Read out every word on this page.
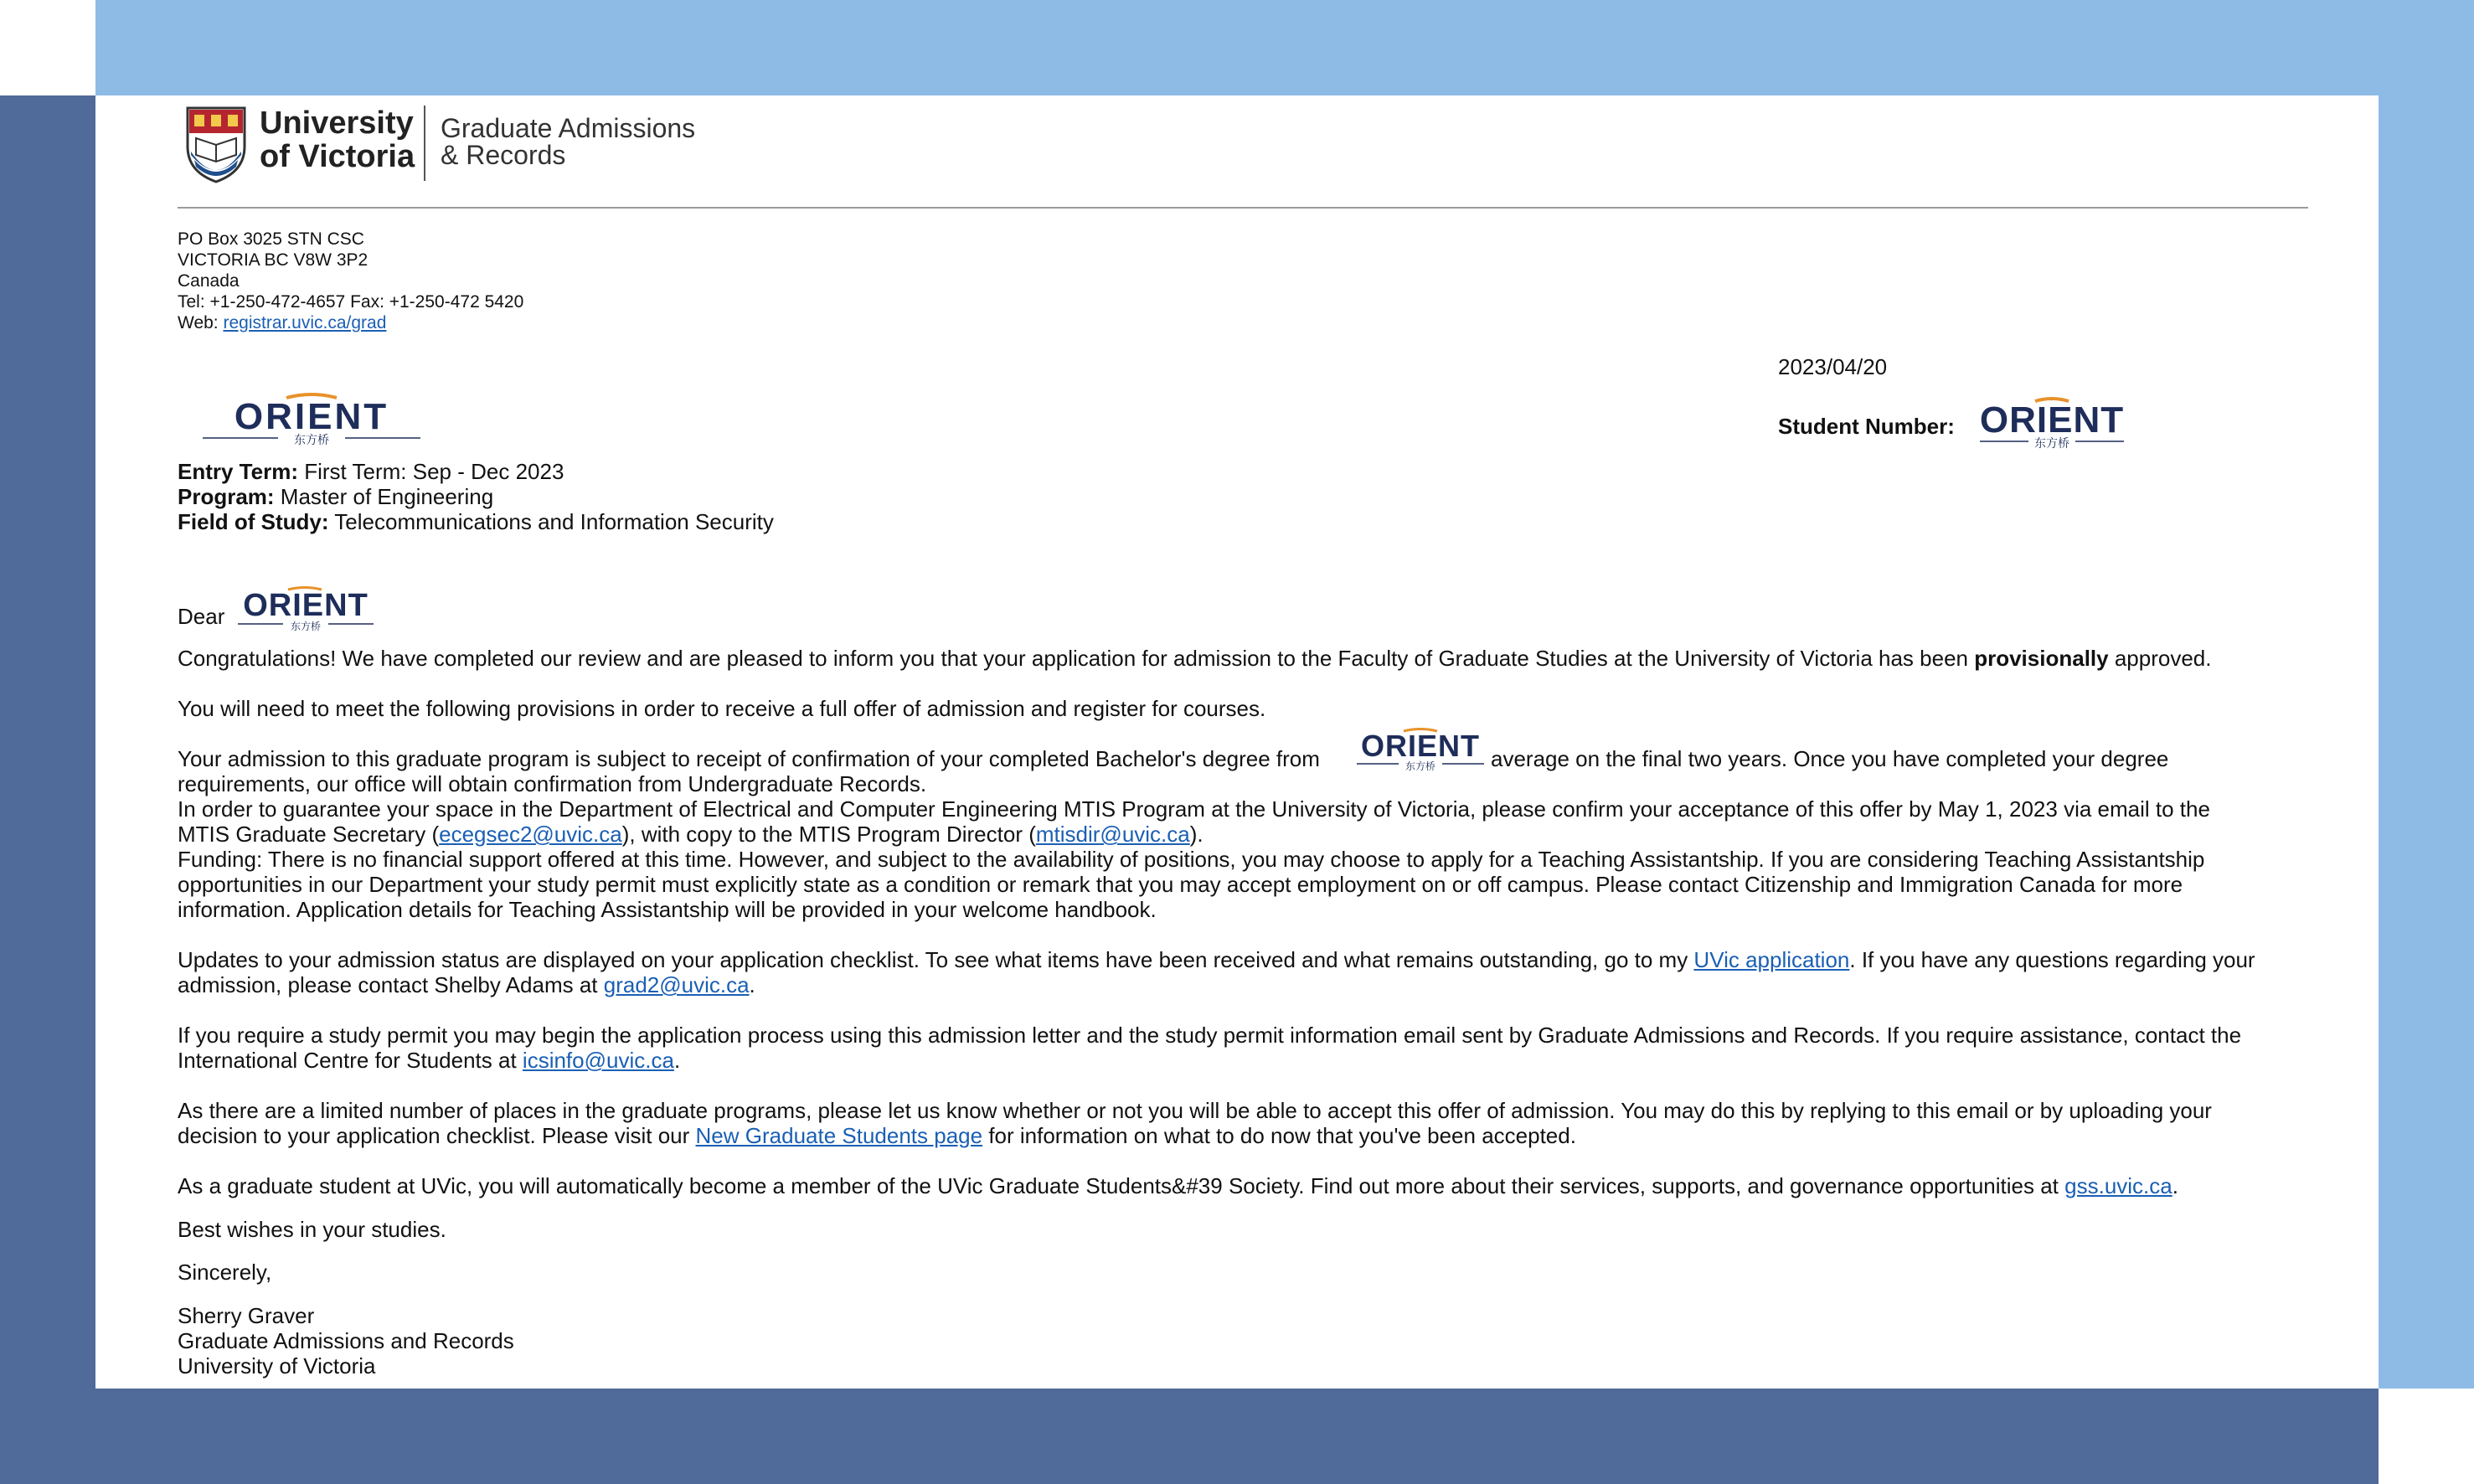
University
of Victoria
Graduate Admissions
& Records
PO Box 3025 STN CSC
VICTORIA BC V8W 3P2
Canada
Tel: +1-250-472-4657 Fax: +1-250-472 5420
Web: registrar.uvic.ca/grad
2023/04/20
Student Number:
ORIENT
东方桥	ORIENT
东方桥
Entry Term: First Term: Sep - Dec 2023
Program: Master of Engineering
Field of Study: Telecommunications and Information Security
Dear ORIENT
东方桥
Congratulations! We have completed our review and are pleased to inform you that your application for admission to the Faculty of Graduate Studies at the University of Victoria has been provisionally approved.
You will need to meet the following provisions in order to receive a full offer of admission and register for courses.
Your admission to this graduate program is subject to receipt of confirmation of your completed Bachelor's degree from ORIENT
东方桥	average on the final two years. Once you have completed your degree
requirements, our office will obtain confirmation from Undergraduate Records.
In order to guarantee your space in the Department of Electrical and Computer Engineering MTIS Program at the University of Victoria, please confirm your acceptance of this offer by May 1, 2023 via email to the
MTIS Graduate Secretary (ecegsec2@uvic.ca), with copy to the MTIS Program Director (mtisdir@uvic.ca).
Funding: There is no financial support offered at this time. However, and subject to the availability of positions, you may choose to apply for a Teaching Assistantship. If you are considering Teaching Assistantship
opportunities in our Department your study permit must explicitly state as a condition or remark that you may accept employment on or off campus. Please contact Citizenship and Immigration Canada for more
information. Application details for Teaching Assistantship will be provided in your welcome handbook.
Updates to your admission status are displayed on your application checklist. To see what items have been received and what remains outstanding, go to my UVic application. If you have any questions regarding your
admission, please contact Shelby Adams at grad2@uvic.ca.
If you require a study permit you may begin the application process using this admission letter and the study permit information email sent by Graduate Admissions and Records. If you require assistance, contact the
International Centre for Students at icsinfo@uvic.ca.
As there are a limited number of places in the graduate programs, please let us know whether or not you will be able to accept this offer of admission. You may do this by replying to this email or by uploading your
decision to your application checklist. Please visit our New Graduate Students page for information on what to do now that you've been accepted.
As a graduate student at UVic, you will automatically become a member of the UVic Graduate Students&#39 Society. Find out more about their services, supports, and governance opportunities at gss.uvic.ca.
Best wishes in your studies.
Sincerely,
Sherry Graver
Graduate Admissions and Records
University of Victoria
